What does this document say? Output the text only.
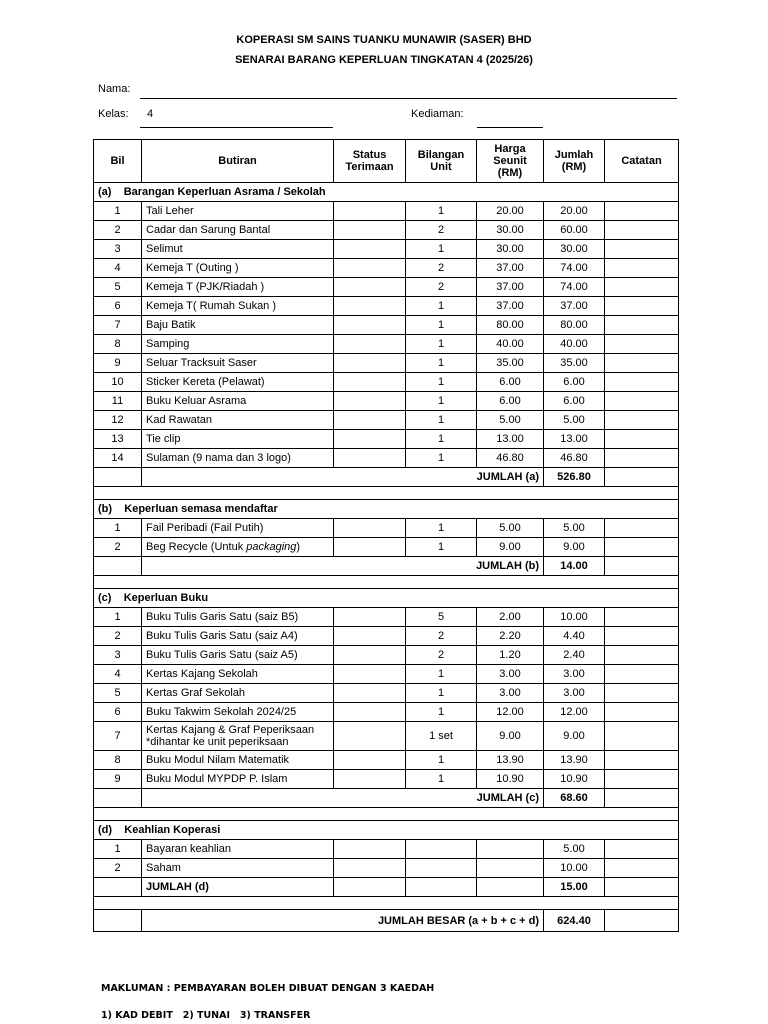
KOPERASI SM SAINS TUANKU MUNAWIR (SASER) BHD
SENARAI BARANG KEPERLUAN TINGKATAN 4 (2025/26)
Nama:
Kelas: 4	Kediaman:
Bil	Butiran	Status Terimaan	Bilangan Unit	Harga Seunit (RM)	Jumlah (RM)	Catatan
(a) Barangan Keperluan Asrama / Sekolah						
1	Tali Leher		1	20.00	20.00	
2	Cadar dan Sarung Bantal		2	30.00	60.00	
3	Selimut		1	30.00	30.00	
4	Kemeja T (Outing )		2	37.00	74.00	
5	Kemeja T (PJK/Riadah )		2	37.00	74.00	
6	Kemeja T( Rumah Sukan )		1	37.00	37.00	
7	Baju Batik		1	80.00	80.00	
8	Samping		1	40.00	40.00	
9	Seluar Tracksuit Saser		1	35.00	35.00	
10	Sticker Kereta (Pelawat)		1	6.00	6.00	
11	Buku Keluar Asrama		1	6.00	6.00	
12	Kad Rawatan		1	5.00	5.00	
13	Tie clip		1	13.00	13.00	
14	Sulaman (9 nama dan 3 logo)		1	46.80	46.80	
	JUMLAH (a)				526.80	

(b) Keperluan semasa mendaftar						
1	Fail Peribadi (Fail Putih)		1	5.00	5.00	
2	Beg Recycle (Untuk packaging)		1	9.00	9.00	
	JUMLAH (b)				14.00	

(c) Keperluan Buku						
1	Buku Tulis Garis Satu (saiz B5)		5	2.00	10.00	
2	Buku Tulis Garis Satu (saiz A4)		2	2.20	4.40	
3	Buku Tulis Garis Satu (saiz A5)		2	1.20	2.40	
4	Kertas Kajang Sekolah		1	3.00	3.00	
5	Kertas Graf Sekolah		1	3.00	3.00	
6	Buku Takwim Sekolah 2024/25		1	12.00	12.00	
7	Kertas Kajang & Graf Peperiksaan
*dihantar ke unit peperiksaan		1 set	9.00	9.00	
8	Buku Modul Nilam Matematik		1	13.90	13.90	
9	Buku Modul MYPDP P. Islam		1	10.90	10.90	
	JUMLAH (c)				68.60	

(d) Keahlian Koperasi						
1	Bayaran keahlian				5.00	
2	Saham				10.00	
	JUMLAH (d)				15.00	

	JUMLAH BESAR (a + b + c + d)				624.40	
MAKLUMAN : PEMBAYARAN BOLEH DIBUAT DENGAN 3 KAEDAH
1) KAD DEBIT   2) TUNAI   3) TRANSFER
